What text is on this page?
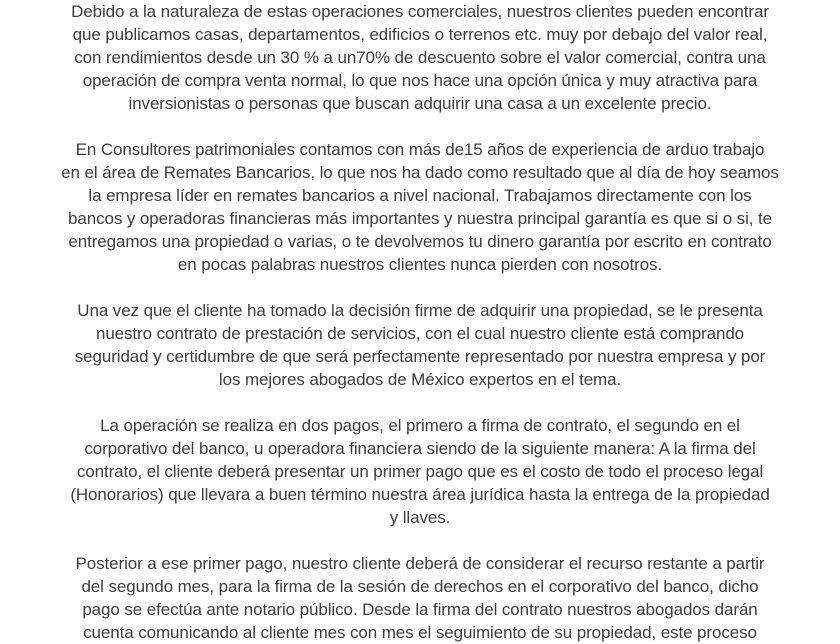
Debido a la naturaleza de estas operaciones comerciales, nuestros clientes pueden encontrar
que publicamos casas, departamentos, edificios o terrenos etc. muy por debajo del valor real,
con rendimientos desde un 30 % a un70% de descuento sobre el valor comercial, contra una
operación de compra venta normal, lo que nos hace una opción única y muy atractiva para
inversionistas o personas que buscan adquirir una casa a un excelente precio.

En Consultores patrimoniales contamos con más de15 años de experiencia de arduo trabajo
en el área de Remates Bancarios, lo que nos ha dado como resultado que al día de hoy seamos
la empresa líder en remates bancarios a nivel nacional. Trabajamos directamente con los
bancos y operadoras financieras más importantes y nuestra principal garantía es que si o si, te
entregamos una propiedad o varias, o te devolvemos tu dinero garantía por escrito en contrato
en pocas palabras nuestros clientes nunca pierden con nosotros.

Una vez que el cliente ha tomado la decisión firme de adquirir una propiedad, se le presenta
nuestro contrato de prestación de servicios, con el cual nuestro cliente está comprando
seguridad y certidumbre de que será perfectamente representado por nuestra empresa y por
los mejores abogados de México expertos en el tema.

La operación se realiza en dos pagos, el primero a firma de contrato, el segundo en el
corporativo del banco, u operadora financiera siendo de la siguiente manera: A la firma del
contrato, el cliente deberá presentar un primer pago que es el costo de todo el proceso legal
(Honorarios) que llevara a buen término nuestra área jurídica hasta la entrega de la propiedad
y llaves.

Posterior a ese primer pago, nuestro cliente deberá de considerar el recurso restante a partir
del segundo mes, para la firma de la sesión de derechos en el corporativo del banco, dicho
pago se efectúa ante notario público. Desde la firma del contrato nuestros abogados darán
cuenta comunicando al cliente mes con mes el seguimiento de su propiedad, este proceso
